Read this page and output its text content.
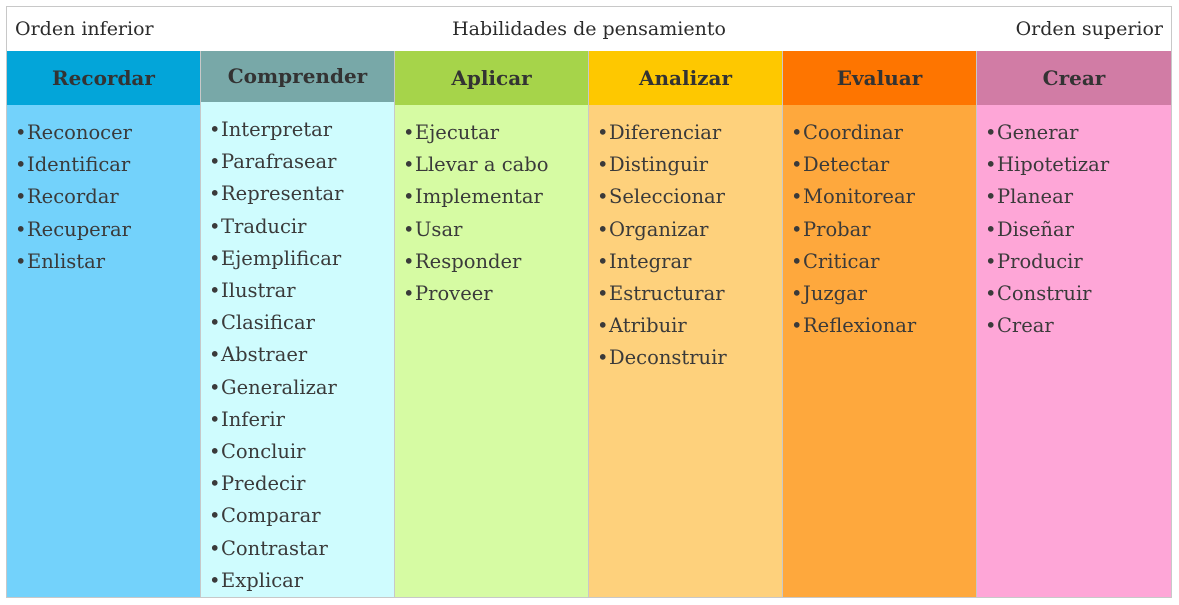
Orden inferior	Habilidades de pensamiento	Orden superior
Recordar
•Reconocer
•Identificar
•Recordar
•Recuperar
•Enlistar
Comprender
•Interpretar
•Parafrasear
•Representar
•Traducir
•Ejemplificar
•Ilustrar
•Clasificar
•Abstraer
•Generalizar
•Inferir
•Concluir
•Predecir
•Comparar
•Contrastar
•Explicar
Aplicar
•Ejecutar
•Llevar a cabo
•Implementar
•Usar
•Responder
•Proveer
Analizar
•Diferenciar
•Distinguir
•Seleccionar
•Organizar
•Integrar
•Estructurar
•Atribuir
•Deconstruir
Evaluar
•Coordinar
•Detectar
•Monitorear
•Probar
•Criticar
•Juzgar
•Reflexionar
Crear
•Generar
•Hipotetizar
•Planear
•Diseñar
•Producir
•Construir
•Crear
